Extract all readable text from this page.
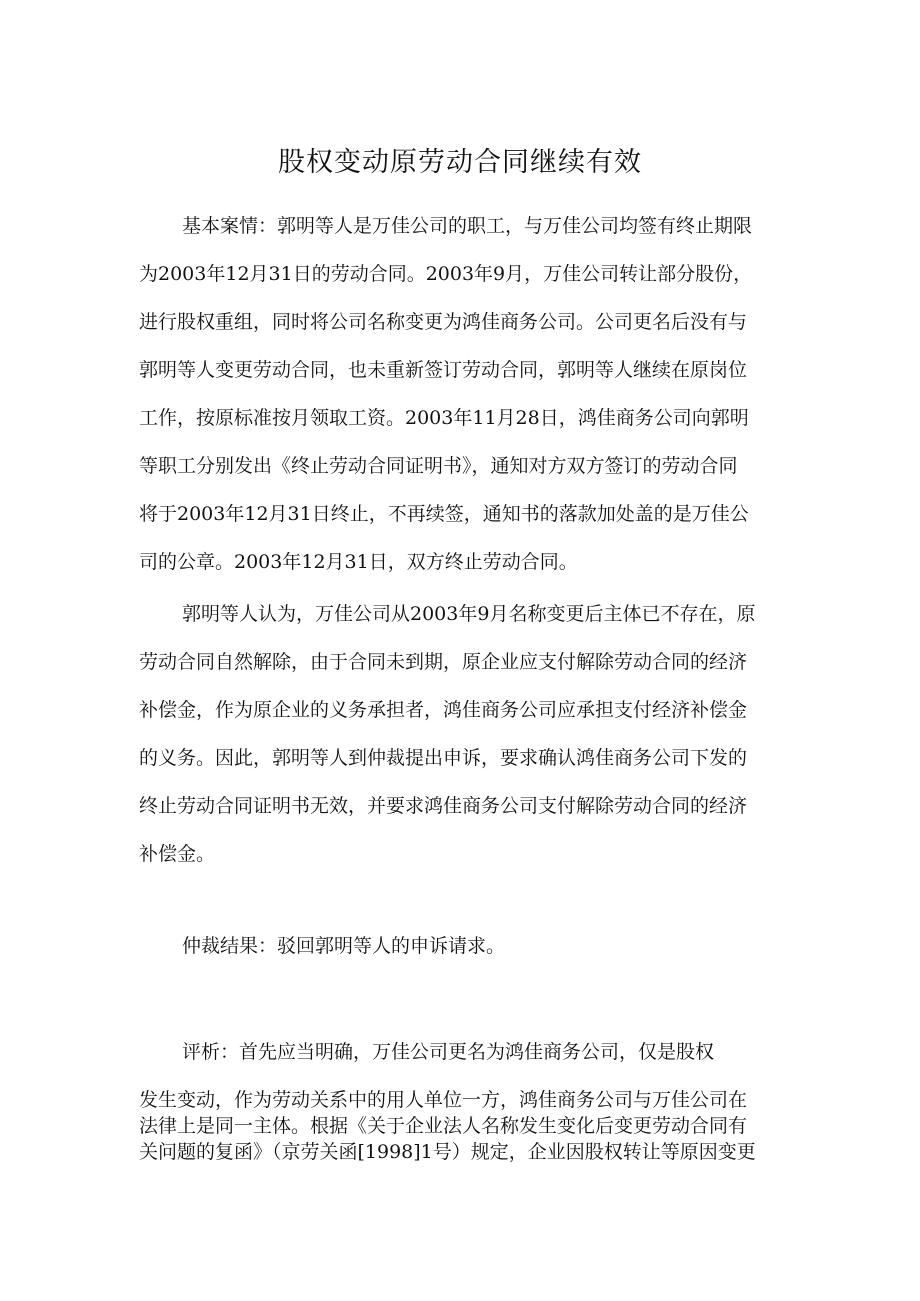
股权变动原劳动合同继续有效
基本案情：郭明等人是万佳公司的职工，与万佳公司均签有终止期限
为2003年12月31日的劳动合同。2003年9月，万佳公司转让部分股份，
进行股权重组，同时将公司名称变更为鸿佳商务公司。公司更名后没有与
郭明等人变更劳动合同，也未重新签订劳动合同，郭明等人继续在原岗位
工作，按原标准按月领取工资。2003年11月28日，鸿佳商务公司向郭明
等职工分别发出《终止劳动合同证明书》，通知对方双方签订的劳动合同
将于2003年12月31日终止，不再续签，通知书的落款加处盖的是万佳公
司的公章。2003年12月31日，双方终止劳动合同。
郭明等人认为，万佳公司从2003年9月名称变更后主体已不存在，原
劳动合同自然解除，由于合同未到期，原企业应支付解除劳动合同的经济
补偿金，作为原企业的义务承担者，鸿佳商务公司应承担支付经济补偿金
的义务。因此，郭明等人到仲裁提出申诉，要求确认鸿佳商务公司下发的
终止劳动合同证明书无效，并要求鸿佳商务公司支付解除劳动合同的经济
补偿金。
仲裁结果：驳回郭明等人的申诉请求。
评析：首先应当明确，万佳公司更名为鸿佳商务公司，仅是股权
发生变动，作为劳动关系中的用人单位一方，鸿佳商务公司与万佳公司在
法律上是同一主体。根据《关于企业法人名称发生变化后变更劳动合同有
关问题的复函》（京劳关函[1998]1号）规定，企业因股权转让等原因变更
